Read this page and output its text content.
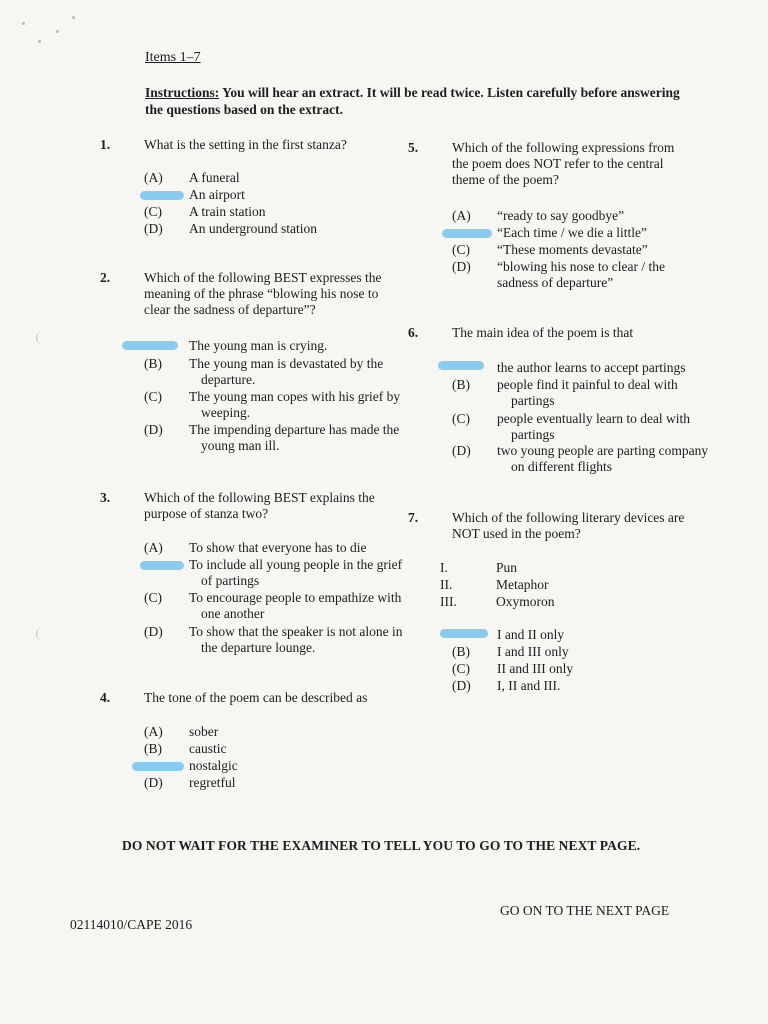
Items 1–7
Instructions: You will hear an extract. It will be read twice. Listen carefully before answering the questions based on the extract.
1.	What is the setting in the first stanza?
(A) A funeral
An airport
(C) A train station
(D) An underground station
2.	Which of the following BEST expresses the meaning of the phrase “blowing his nose to clear the sadness of departure”?
The young man is crying.
(B) The young man is devastated by the departure.
(C) The young man copes with his grief by weeping.
(D) The impending departure has made the young man ill.
3.	Which of the following BEST explains the purpose of stanza two?
(A) To show that everyone has to die
To include all young people in the grief of partings
(C) To encourage people to empathize with one another
(D) To show that the speaker is not alone in the departure lounge.
4.	The tone of the poem can be described as
(A) sober
(B) caustic
nostalgic
(D) regretful
5.	Which of the following expressions from the poem does NOT refer to the central theme of the poem?
(A) “ready to say goodbye”
“Each time / we die a little”
(C) “These moments devastate”
(D) “blowing his nose to clear / the sadness of departure”
6.	The main idea of the poem is that
the author learns to accept partings
(B) people find it painful to deal with partings
(C) people eventually learn to deal with partings
(D) two young people are parting company on different flights
7.	Which of the following literary devices are NOT used in the poem?
I.	Pun
II.	Metaphor
III.	Oxymoron
I and II only
(B) I and III only
(C) II and III only
(D) I, II and III.
DO NOT WAIT FOR THE EXAMINER TO TELL YOU TO GO TO THE NEXT PAGE.
GO ON TO THE NEXT PAGE
02114010/CAPE 2016
